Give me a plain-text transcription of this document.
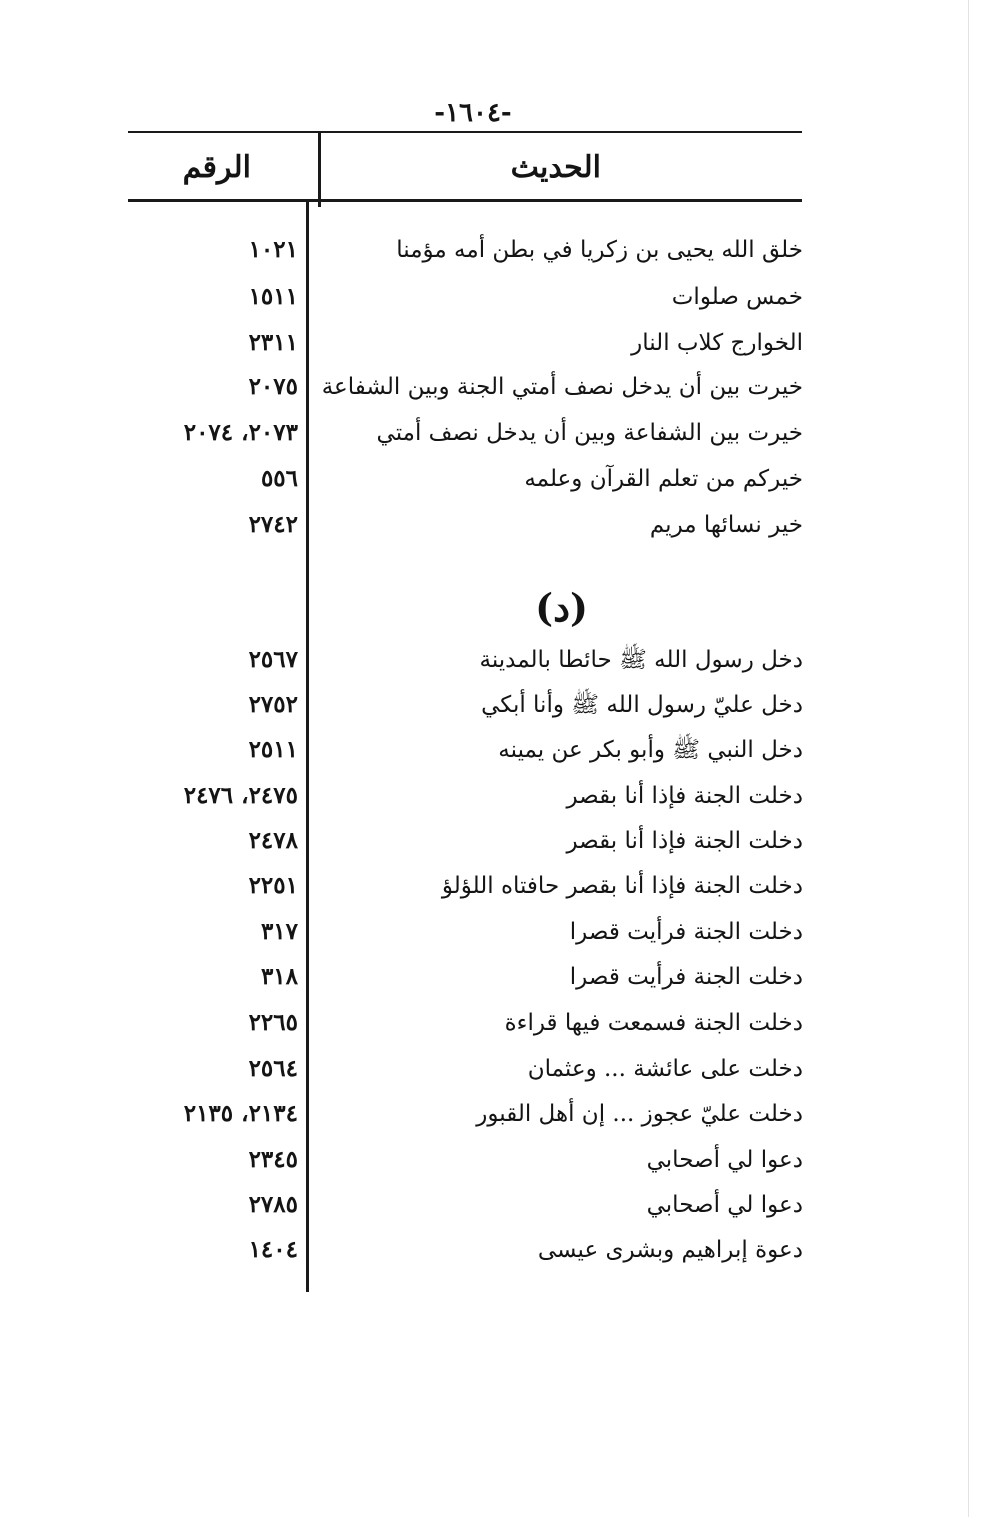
-١٦٠٤-
الحديث
الرقم
(د)
خلق الله يحيى بن زكريا في بطن أمه مؤمنا
١٠٢١
خمس صلوات
١٥١١
الخوارج كلاب النار
٢٣١١
خيرت بين أن يدخل نصف أمتي الجنة وبين الشفاعة
٢٠٧٥
خيرت بين الشفاعة وبين أن يدخل نصف أمتي
٢٠٧٣، ٢٠٧٤
خيركم من تعلم القرآن وعلمه
٥٥٦
خير نسائها مريم
٢٧٤٢
دخل رسول الله ﷺ حائطا بالمدينة
٢٥٦٧
دخل عليّ رسول الله ﷺ وأنا أبكي
٢٧٥٢
دخل النبي ﷺ وأبو بكر عن يمينه
٢٥١١
دخلت الجنة فإذا أنا بقصر
٢٤٧٥، ٢٤٧٦
دخلت الجنة فإذا أنا بقصر
٢٤٧٨
دخلت الجنة فإذا أنا بقصر حافتاه اللؤلؤ
٢٢٥١
دخلت الجنة فرأيت قصرا
٣١٧
دخلت الجنة فرأيت قصرا
٣١٨
دخلت الجنة فسمعت فيها قراءة
٢٢٦٥
دخلت على عائشة ... وعثمان
٢٥٦٤
دخلت عليّ عجوز ... إن أهل القبور
٢١٣٤، ٢١٣٥
دعوا لي أصحابي
٢٣٤٥
دعوا لي أصحابي
٢٧٨٥
دعوة إبراهيم وبشرى عيسى
١٤٠٤
